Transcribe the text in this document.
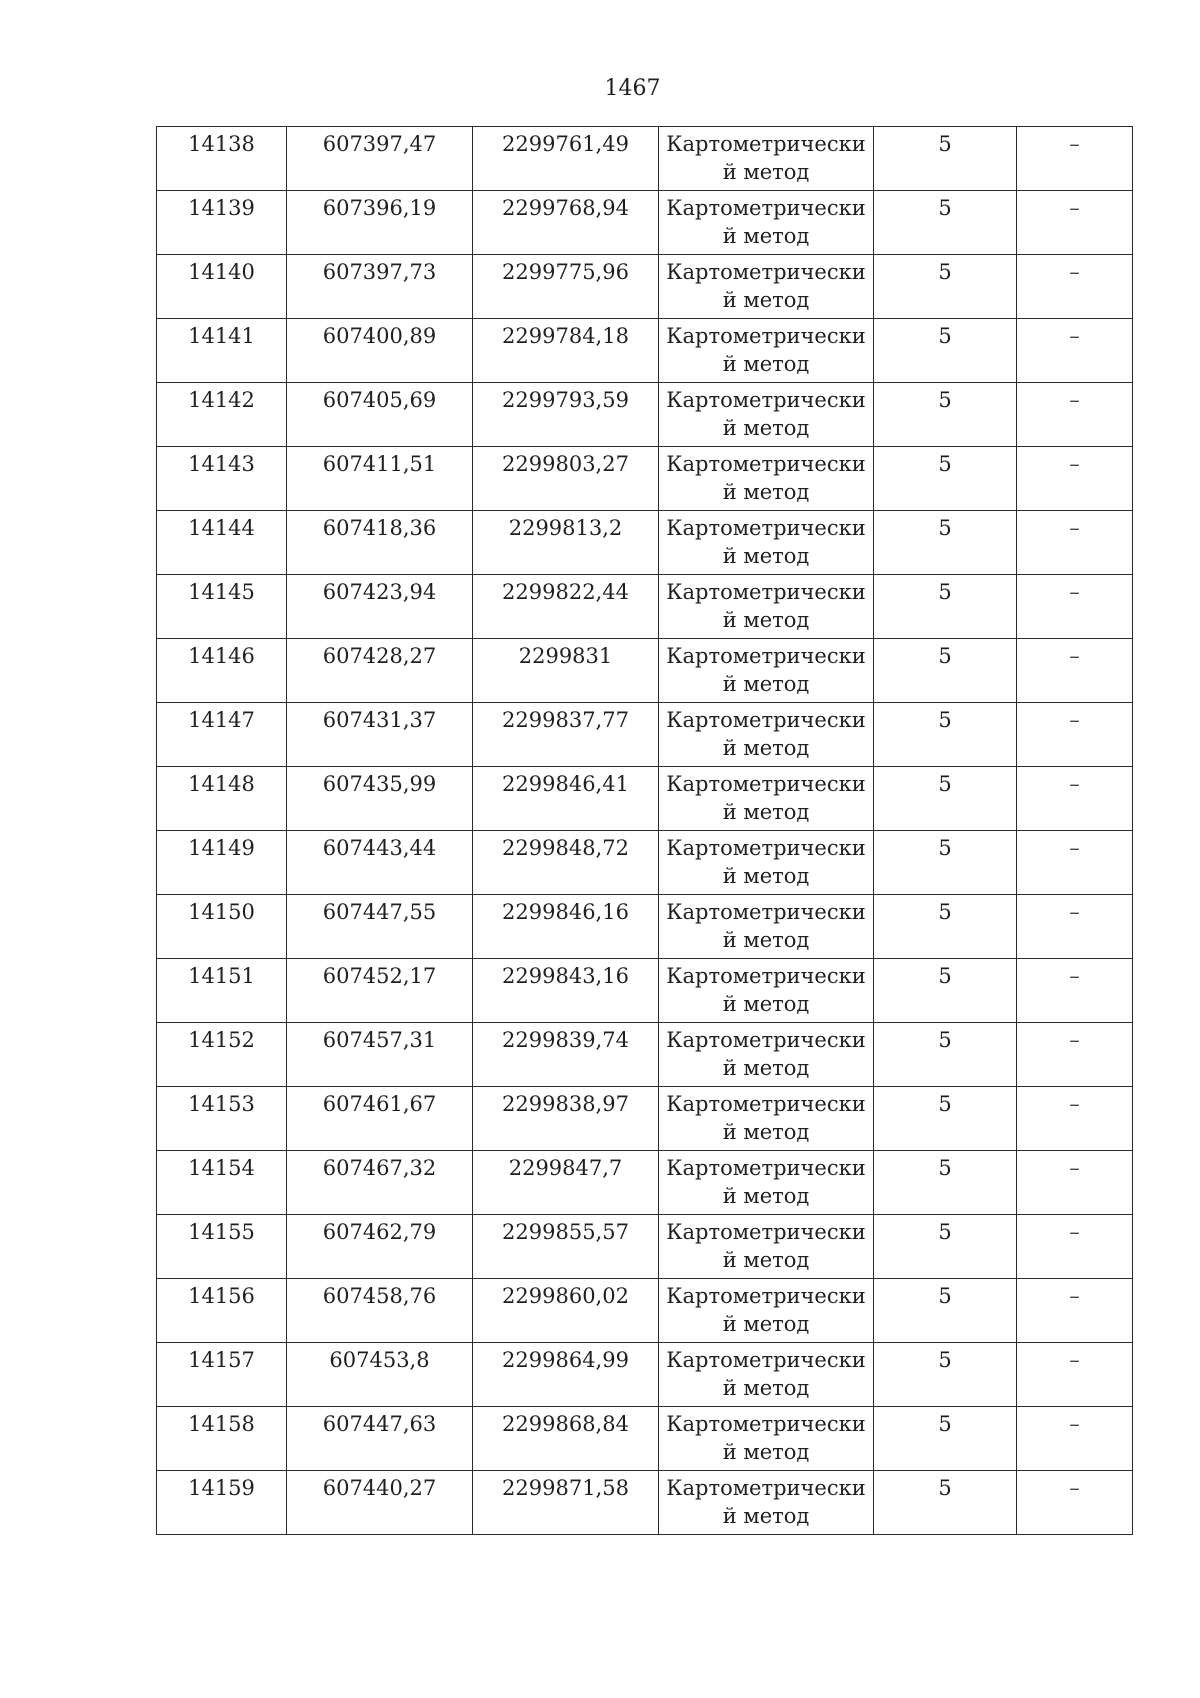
1467
14138	607397,47	2299761,49	Картометрически й метод	5	–
14139	607396,19	2299768,94	Картометрически й метод	5	–
14140	607397,73	2299775,96	Картометрически й метод	5	–
14141	607400,89	2299784,18	Картометрически й метод	5	–
14142	607405,69	2299793,59	Картометрически й метод	5	–
14143	607411,51	2299803,27	Картометрически й метод	5	–
14144	607418,36	2299813,2	Картометрически й метод	5	–
14145	607423,94	2299822,44	Картометрически й метод	5	–
14146	607428,27	2299831	Картометрически й метод	5	–
14147	607431,37	2299837,77	Картометрически й метод	5	–
14148	607435,99	2299846,41	Картометрически й метод	5	–
14149	607443,44	2299848,72	Картометрически й метод	5	–
14150	607447,55	2299846,16	Картометрически й метод	5	–
14151	607452,17	2299843,16	Картометрически й метод	5	–
14152	607457,31	2299839,74	Картометрически й метод	5	–
14153	607461,67	2299838,97	Картометрически й метод	5	–
14154	607467,32	2299847,7	Картометрически й метод	5	–
14155	607462,79	2299855,57	Картометрически й метод	5	–
14156	607458,76	2299860,02	Картометрически й метод	5	–
14157	607453,8	2299864,99	Картометрически й метод	5	–
14158	607447,63	2299868,84	Картометрически й метод	5	–
14159	607440,27	2299871,58	Картометрически й метод	5	–
